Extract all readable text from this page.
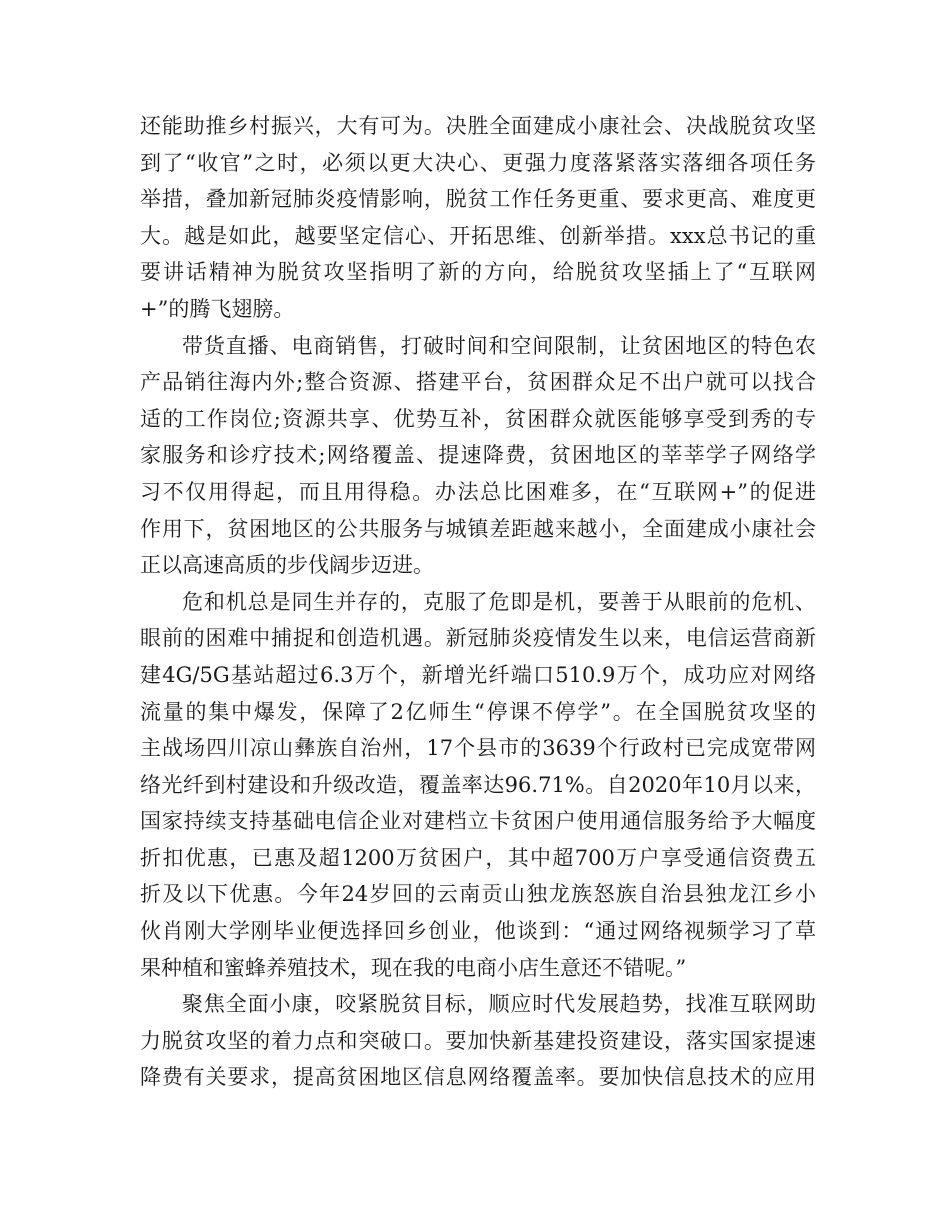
还能助推乡村振兴，大有可为。决胜全面建成小康社会、决战脱贫攻坚
到了“收官”之时，必须以更大决心、更强力度落紧落实落细各项任务
举措，叠加新冠肺炎疫情影响，脱贫工作任务更重、要求更高、难度更
大。越是如此，越要坚定信心、开拓思维、创新举措。xxx总书记的重
要讲话精神为脱贫攻坚指明了新的方向，给脱贫攻坚插上了“互联网
+”的腾飞翅膀。
带货直播、电商销售，打破时间和空间限制，让贫困地区的特色农
产品销往海内外;整合资源、搭建平台，贫困群众足不出户就可以找合
适的工作岗位;资源共享、优势互补，贫困群众就医能够享受到秀的专
家服务和诊疗技术;网络覆盖、提速降费，贫困地区的莘莘学子网络学
习不仅用得起，而且用得稳。办法总比困难多，在“互联网+”的促进
作用下，贫困地区的公共服务与城镇差距越来越小，全面建成小康社会
正以高速高质的步伐阔步迈进。
危和机总是同生并存的，克服了危即是机，要善于从眼前的危机、
眼前的困难中捕捉和创造机遇。新冠肺炎疫情发生以来，电信运营商新
建4G/5G基站超过6.3万个，新增光纤端口510.9万个，成功应对网络
流量的集中爆发，保障了2亿师生“停课不停学”。在全国脱贫攻坚的
主战场四川凉山彝族自治州，17个县市的3639个行政村已完成宽带网
络光纤到村建设和升级改造，覆盖率达96.71%。自2020年10月以来，
国家持续支持基础电信企业对建档立卡贫困户使用通信服务给予大幅度
折扣优惠，已惠及超1200万贫困户，其中超700万户享受通信资费五
折及以下优惠。今年24岁回的云南贡山独龙族怒族自治县独龙江乡小
伙肖刚大学刚毕业便选择回乡创业，他谈到：“通过网络视频学习了草
果种植和蜜蜂养殖技术，现在我的电商小店生意还不错呢。”
聚焦全面小康，咬紧脱贫目标，顺应时代发展趋势，找准互联网助
力脱贫攻坚的着力点和突破口。要加快新基建投资建设，落实国家提速
降费有关要求，提高贫困地区信息网络覆盖率。要加快信息技术的应用
